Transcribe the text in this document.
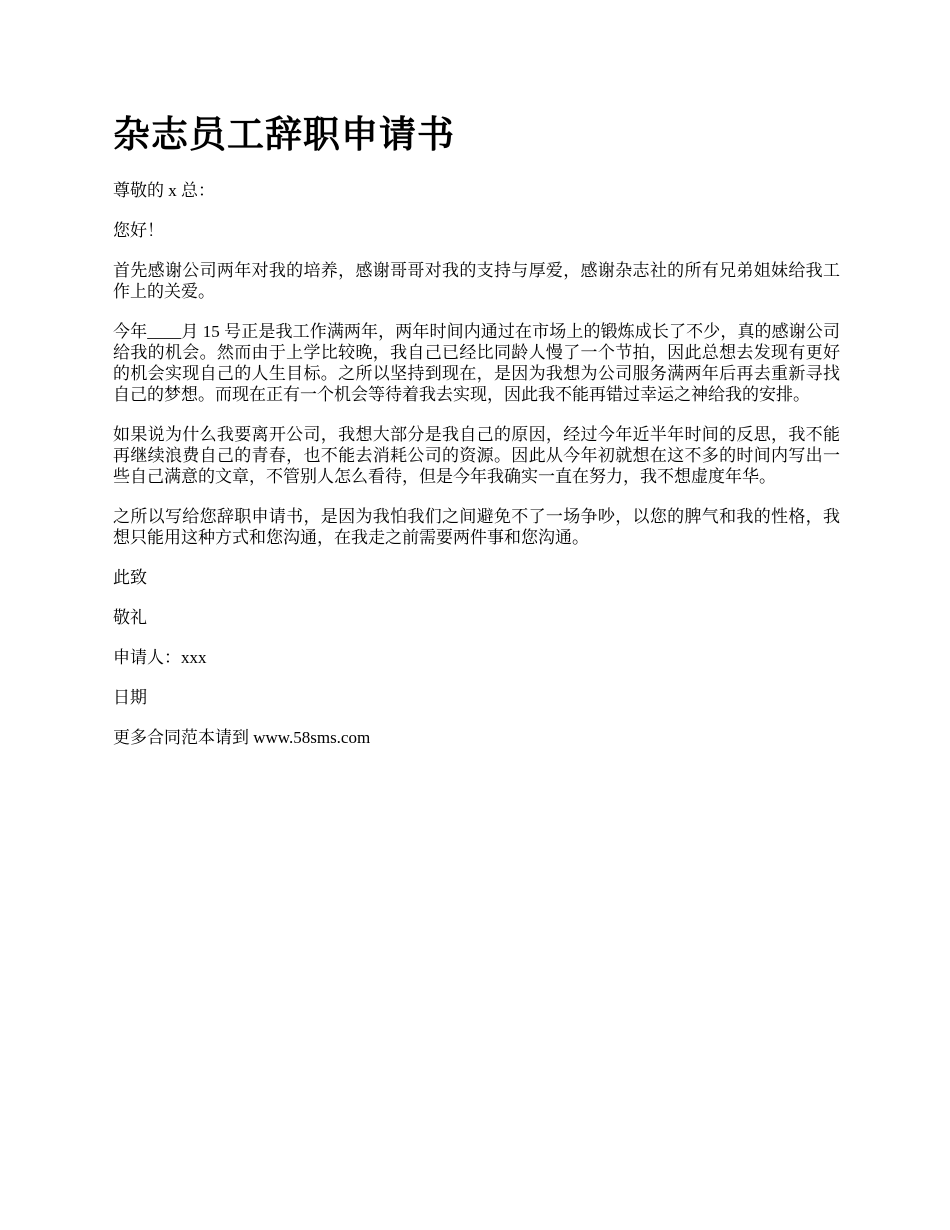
杂志员工辞职申请书

尊敬的 x 总：

您好！

首先感谢公司两年对我的培养，感谢哥哥对我的支持与厚爱，感谢杂志社的所有兄弟姐妹给我工作上的关爱。

今年____月 15 号正是我工作满两年，两年时间内通过在市场上的锻炼成长了不少，真的感谢公司给我的机会。然而由于上学比较晚，我自己已经比同龄人慢了一个节拍，因此总想去发现有更好的机会实现自己的人生目标。之所以坚持到现在，是因为我想为公司服务满两年后再去重新寻找自己的梦想。而现在正有一个机会等待着我去实现，因此我不能再错过幸运之神给我的安排。

如果说为什么我要离开公司，我想大部分是我自己的原因，经过今年近半年时间的反思，我不能再继续浪费自己的青春，也不能去消耗公司的资源。因此从今年初就想在这不多的时间内写出一些自己满意的文章，不管别人怎么看待，但是今年我确实一直在努力，我不想虚度年华。

之所以写给您辞职申请书，是因为我怕我们之间避免不了一场争吵，以您的脾气和我的性格，我想只能用这种方式和您沟通，在我走之前需要两件事和您沟通。

此致

敬礼

申请人：xxx

日期

更多合同范本请到 www.58sms.com
